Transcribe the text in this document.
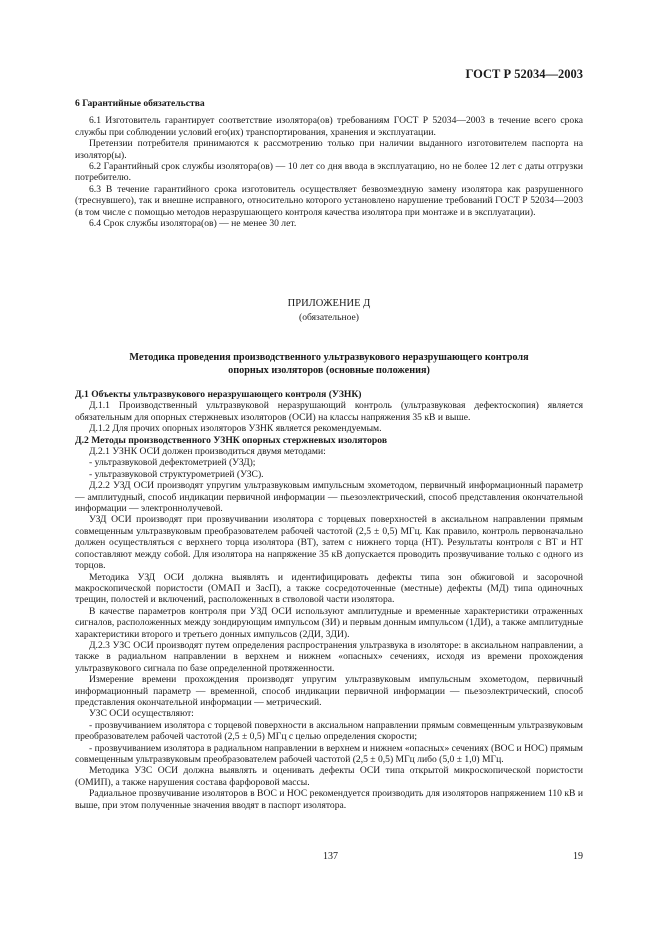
ГОСТ Р 52034—2003

6 Гарантийные обязательства

6.1 Изготовитель гарантирует соответствие изолятора(ов) требованиям ГОСТ Р 52034—2003 в течение всего срока службы при соблюдении условий его(их) транспортирования, хранения и эксплуатации.

Претензии потребителя принимаются к рассмотрению только при наличии выданного изготовителем паспорта на изолятор(ы).

6.2 Гарантийный срок службы изолятора(ов) — 10 лет со дня ввода в эксплуатацию, но не более 12 лет с даты отгрузки потребителю.

6.3 В течение гарантийного срока изготовитель осуществляет безвозмездную замену изолятора как разрушенного (треснувшего), так и внешне исправного, относительно которого установлено нарушение требований ГОСТ Р 52034—2003 (в том числе с помощью методов неразрушающего контроля качества изолятора при монтаже и в эксплуатации).

6.4 Срок службы изолятора(ов) — не менее 30 лет.

ПРИЛОЖЕНИЕ Д
(обязательное)
Методика проведения производственного ультразвукового неразрушающего контроля
опорных изоляторов (основные положения)

Д.1 Объекты ультразвукового неразрушающего контроля (УЗНК)

Д.1.1 Производственный ультразвуковой неразрушающий контроль (ультразвуковая дефектоскопия) является обязательным для опорных стержневых изоляторов (ОСИ) на классы напряжения 35 кВ и выше.

Д.1.2 Для прочих опорных изоляторов УЗНК является рекомендуемым.

Д.2 Методы производственного УЗНК опорных стержневых изоляторов

Д.2.1 УЗНК ОСИ должен производиться двумя методами:

- ультразвуковой дефектометрией (УЗД);

- ультразвуковой структурометрией (УЗС).

Д.2.2 УЗД ОСИ производят упругим ультразвуковым импульсным эхометодом, первичный информационный параметр — амплитудный, способ индикации первичной информации — пьезоэлектрический, способ представления окончательной информации — электроннолучевой.

УЗД ОСИ производят при прозвучивании изолятора с торцевых поверхностей в аксиальном направлении прямым совмещенным ультразвуковым преобразователем рабочей частотой (2,5 ± 0,5) МГц. Как правило, контроль первоначально должен осуществляться с верхнего торца изолятора (ВТ), затем с нижнего торца (НТ). Результаты контроля с ВТ и НТ сопоставляют между собой. Для изолятора на напряжение 35 кВ допускается проводить прозвучивание только с одного из торцов.

Методика УЗД ОСИ должна выявлять и идентифицировать дефекты типа зон обжиговой и засорочной макроскопической пористости (ОМАП и ЗасП), а также сосредоточенные (местные) дефекты (МД) типа одиночных трещин, полостей и включений, расположенных в стволовой части изолятора.

В качестве параметров контроля при УЗД ОСИ используют амплитудные и временные характеристики отраженных сигналов, расположенных между зондирующим импульсом (ЗИ) и первым донным импульсом (1ДИ), а также амплитудные характеристики второго и третьего донных импульсов (2ДИ, 3ДИ).

Д.2.3 УЗС ОСИ производят путем определения распространения ультразвука в изоляторе: в аксиальном направлении, а также в радиальном направлении в верхнем и нижнем «опасных» сечениях, исходя из времени прохождения ультразвукового сигнала по базе определенной протяженности.

Измерение времени прохождения производят упругим ультразвуковым импульсным эхометодом, первичный информационный параметр — временной, способ индикации первичной информации — пьезоэлектрический, способ представления окончательной информации — метрический.

УЗС ОСИ осуществляют:

- прозвучиванием изолятора с торцевой поверхности в аксиальном направлении прямым совмещенным ультразвуковым преобразователем рабочей частотой (2,5 ± 0,5) МГц с целью определения скорости;

- прозвучиванием изолятора в радиальном направлении в верхнем и нижнем «опасных» сечениях (ВОС и НОС) прямым совмещенным ультразвуковым преобразователем рабочей частотой (2,5 ± 0,5) МГц либо (5,0 ± 1,0) МГц.

Методика УЗС ОСИ должна выявлять и оценивать дефекты ОСИ типа открытой микроскопической пористости (ОМИП), а также нарушения состава фарфоровой массы.

Радиальное прозвучивание изоляторов в ВОС и НОС рекомендуется производить для изоляторов напряжением 110 кВ и выше, при этом полученные значения вводят в паспорт изолятора.

137	19
